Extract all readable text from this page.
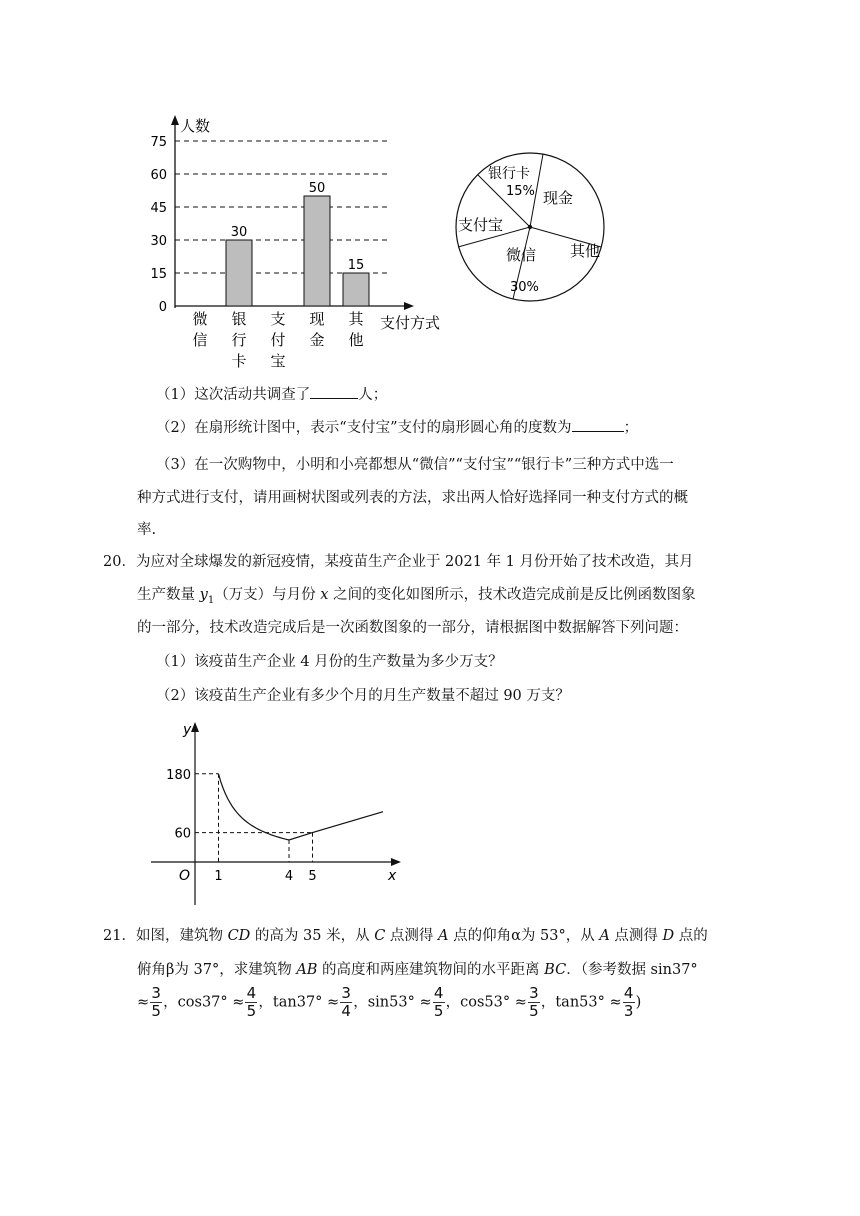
75
60
45
30
15
0
30
50
15
微
信
银
行
卡
支
付
宝
现
金
其
他
人数
支付方式
银行卡
15% 现金
其他
微信
30%
支付宝
（1）这次活动共调查了	人；
（2）在扇形统计图中，表示“支付宝”支付的扇形圆心角的度数为	；
（3）在一次购物中，小明和小亮都想从“微信”“支付宝”“银行卡”三种方式中选一
种方式进行支付，请用画树状图或列表的方法，求出两人恰好选择同一种支付方式的概
率.
20．为应对全球爆发的新冠疫情，某疫苗生产企业于 2021 年 1 月份开始了技术改造，其月
生产数量 $y_1$（万支）与月份 x 之间的变化如图所示，技术改造完成前是反比例函数图象
的一部分，技术改造完成后是一次函数图象的一部分，请根据图中数据解答下列问题：
（1）该疫苗生产企业 4 月份的生产数量为多少万支？
（2）该疫苗生产企业有多少个月的月生产数量不超过 90 万支？
y
x
O 1	4 5
180
60
21．如图，建筑物 CD 的高为 35 米，从 C 点测得 A 点的仰角α为 53°，从 A 点测得 D 点的
俯角β为 37°，求建筑物 AB 的高度和两座建筑物间的水平距离 BC．（参考数据 sin37°
≈ $\frac{3}{5}$ ，$\cos 37^\circ \approx \frac{4}{5}$ ，$\tan 37^\circ \approx \frac{3}{4}$ ，$\sin 53^\circ \approx \frac{4}{5}$ ，$\cos 53^\circ \approx \frac{3}{5}$ ，$\tan 53^\circ \approx \frac{4}{3}$ )
